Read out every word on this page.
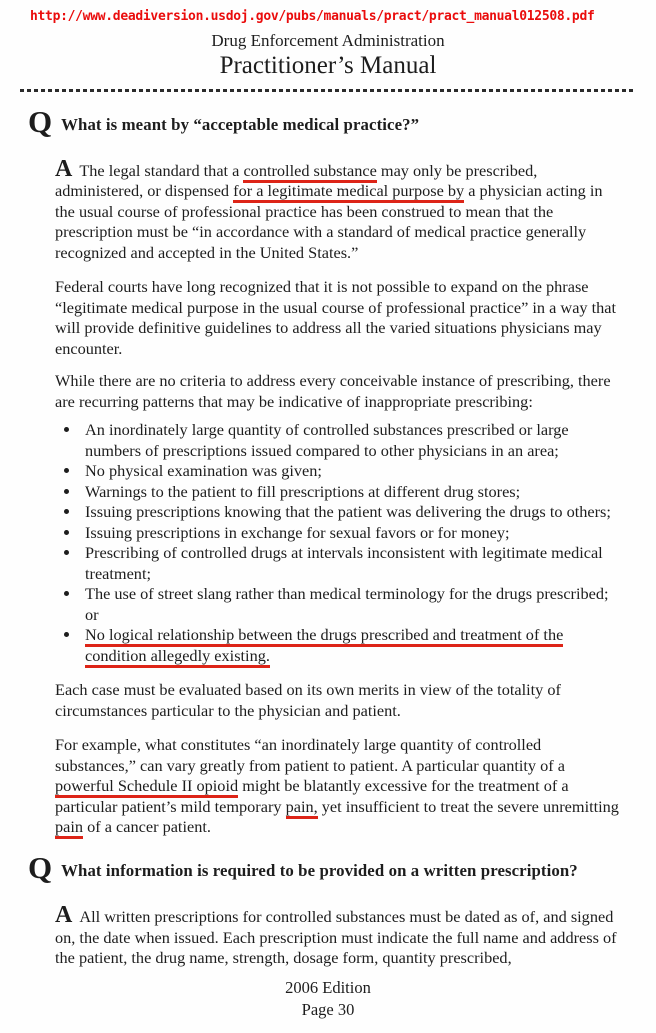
http://www.deadiversion.usdoj.gov/pubs/manuals/pract/pract_manual012508.pdf
Drug Enforcement Administration
Practitioner’s Manual
Q What is meant by “acceptable medical practice?”
A The legal standard that a controlled substance may only be prescribed, administered, or dispensed for a legitimate medical purpose by a physician acting in the usual course of professional practice has been construed to mean that the prescription must be “in accordance with a standard of medical practice generally recognized and accepted in the United States.”
Federal courts have long recognized that it is not possible to expand on the phrase “legitimate medical purpose in the usual course of professional practice” in a way that will provide definitive guidelines to address all the varied situations physicians may encounter.
While there are no criteria to address every conceivable instance of prescribing, there are recurring patterns that may be indicative of inappropriate prescribing:
• An inordinately large quantity of controlled substances prescribed or large numbers of prescriptions issued compared to other physicians in an area;
• No physical examination was given;
• Warnings to the patient to fill prescriptions at different drug stores;
• Issuing prescriptions knowing that the patient was delivering the drugs to others;
• Issuing prescriptions in exchange for sexual favors or for money;
• Prescribing of controlled drugs at intervals inconsistent with legitimate medical treatment;
• The use of street slang rather than medical terminology for the drugs prescribed; or
• No logical relationship between the drugs prescribed and treatment of the condition allegedly existing.
Each case must be evaluated based on its own merits in view of the totality of circumstances particular to the physician and patient.
For example, what constitutes “an inordinately large quantity of controlled substances,” can vary greatly from patient to patient. A particular quantity of a powerful Schedule II opioid might be blatantly excessive for the treatment of a particular patient’s mild temporary pain, yet insufficient to treat the severe unremitting pain of a cancer patient.
Q What information is required to be provided on a written prescription?
A All written prescriptions for controlled substances must be dated as of, and signed on, the date when issued. Each prescription must indicate the full name and address of the patient, the drug name, strength, dosage form, quantity prescribed,
2006 Edition
Page 30
